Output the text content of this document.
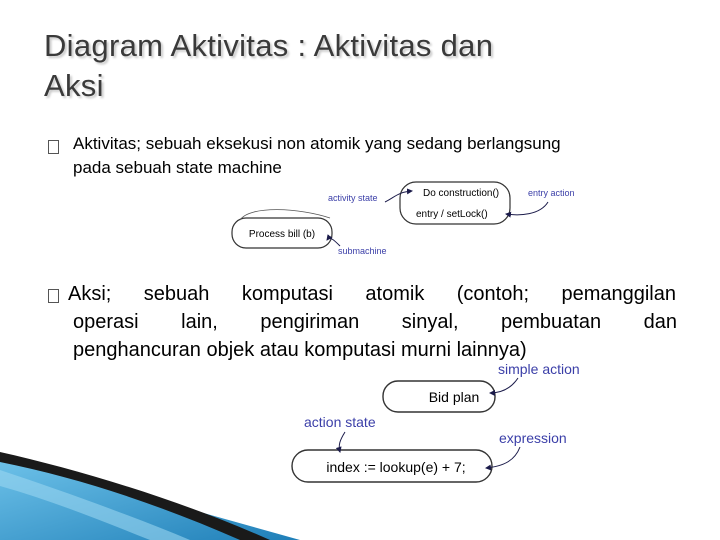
Diagram Aktivitas : Aktivitas dan
Aksi
Aktivitas; sebuah eksekusi non atomik yang sedang berlangsung
pada sebuah state machine
Aksi; sebuah komputasi atomik (contoh; pemanggilan
operasi lain, pengiriman sinyal, pembuatan dan
penghancuran objek atau komputasi murni lainnya)
Process bill (b)
Do construction()
entry / setLock()
activity state	entry action
submachine
Bid plan
index := lookup(e) + 7;
simple action
action state
expression
